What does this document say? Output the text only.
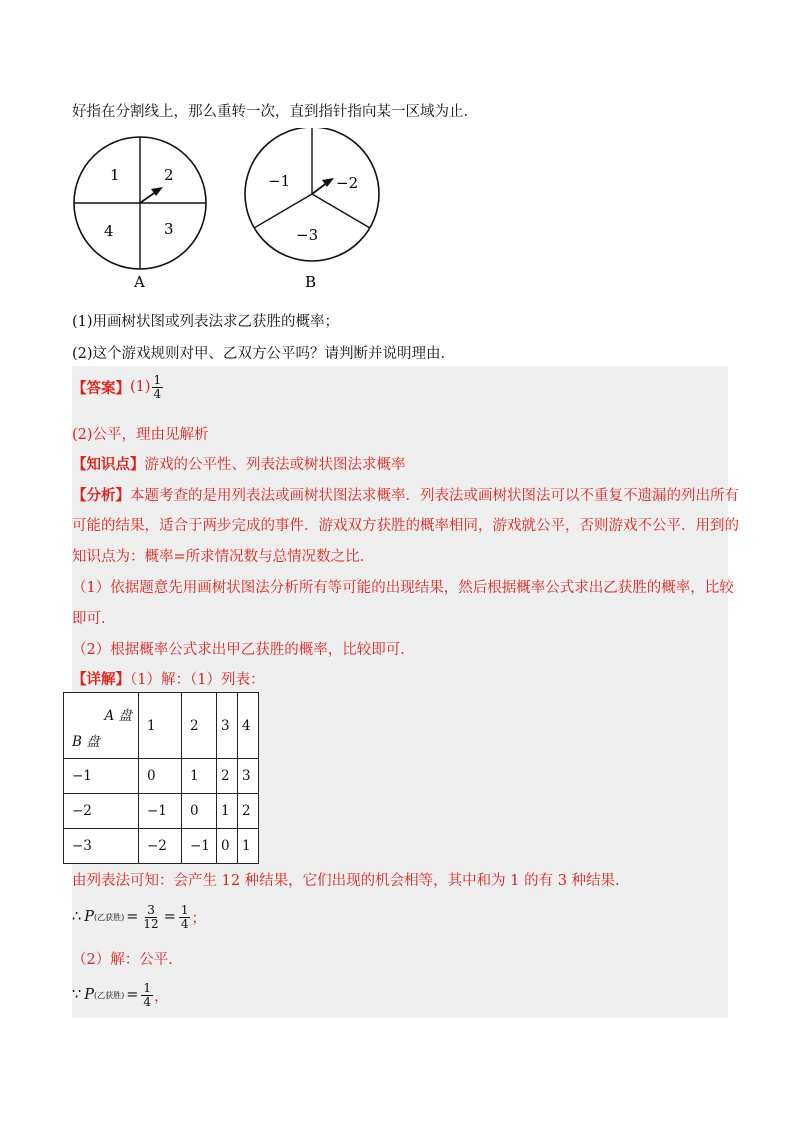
好指在分割线上，那么重转一次，直到指针指向某一区域为止．
1	2
3
4
A
−1	−2
−3
B
(1)用画树状图或列表法求乙获胜的概率；
(2)这个游戏规则对甲、乙双方公平吗？请判断并说明理由．
【答案】 $(1) \frac{1}{4}$
(2)公平，理由见解析
【知识点】游戏的公平性、列表法或树状图法求概率
【分析】本题考查的是用列表法或画树状图法求概率．列表法或画树状图法可以不重复不遗漏的列出所有
可能的结果，适合于两步完成的事件．游戏双方获胜的概率相同，游戏就公平，否则游戏不公平．用到的
知识点为：概率=所求情况数与总情况数之比．
（1）依据题意先用画树状图法分析所有等可能的出现结果，然后根据概率公式求出乙获胜的概率，比较
即可．
（2）根据概率公式求出甲乙获胜的概率，比较即可．
【详解】（1）解：（1）列表：
A 盘
B 盘	1	2	3	4
−1	0	1	2	3
−2	−1	0	1	2
−3	−2	−1	0	1
由列表法可知：会产生 12 种结果，它们出现的机会相等，其中和为 1 的有 3 种结果．
∴ P (乙获胜) = $\frac{3}{12} = \frac{1}{4}$ ；
（2）解：公平．
∵ P (乙获胜) = $\frac{1}{4}$ ，
